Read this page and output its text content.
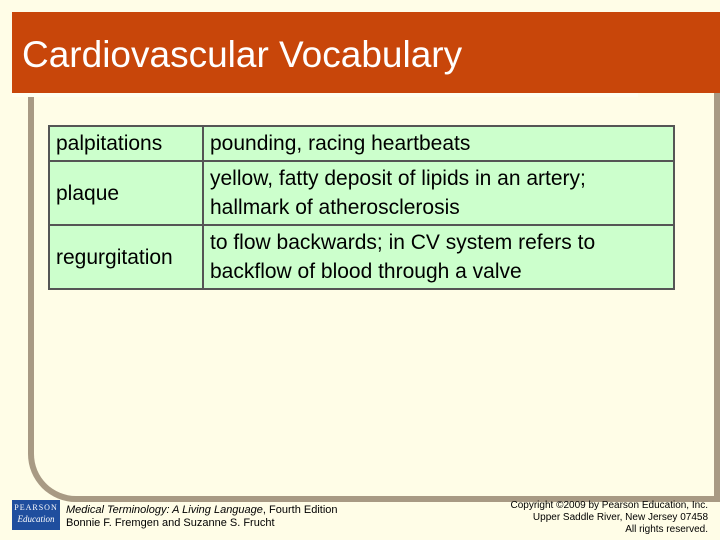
Cardiovascular Vocabulary
palpitations	pounding, racing heartbeats
plaque	yellow, fatty deposit of lipids in an artery;
hallmark of atherosclerosis
regurgitation	to flow backwards; in CV system refers to
backflow of blood through a valve
PEARSON
Education
Medical Terminology: A Living Language, Fourth Edition
Bonnie F. Fremgen and Suzanne S. Frucht
Copyright ©2009 by Pearson Education, Inc.
Upper Saddle River, New Jersey 07458
All rights reserved.
